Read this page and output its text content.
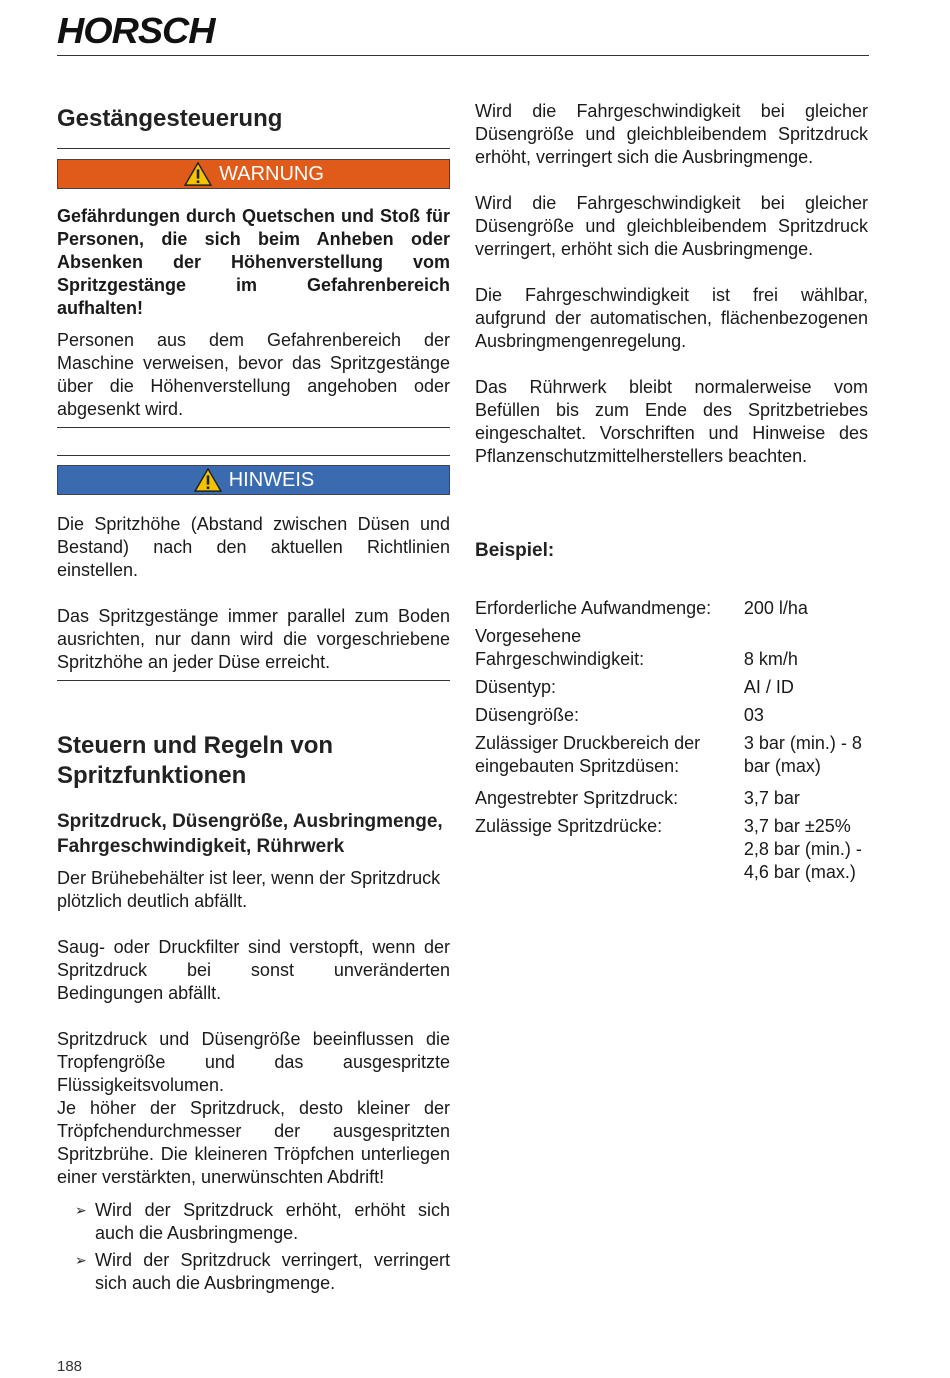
HORSCH
Gestängesteuerung
WARNUNG

Gefährdungen durch Quetschen und Stoß für Personen, die sich beim Anheben oder Absenken der Höhenverstellung vom Spritzgestänge im Gefahrenbereich aufhalten!

Personen aus dem Gefahrenbereich der Maschine verweisen, bevor das Spritzgestänge über die Höhenverstellung angehoben oder abgesenkt wird.

HINWEIS

Die Spritzhöhe (Abstand zwischen Düsen und Bestand) nach den aktuellen Richtlinien einstellen.

Das Spritzgestänge immer parallel zum Boden ausrichten, nur dann wird die vorgeschriebene Spritzhöhe an jeder Düse erreicht.

Steuern und Regeln von Spritzfunktionen
Spritzdruck, Düsengröße, Ausbringmenge, Fahrgeschwindigkeit, Rührwerk

Der Brühebehälter ist leer, wenn der Spritzdruck plötzlich deutlich abfällt.

Saug- oder Druckfilter sind verstopft, wenn der Spritzdruck bei sonst unveränderten Bedingungen abfällt.

Spritzdruck und Düsengröße beeinflussen die Tropfengröße und das ausgespritzte Flüssigkeitsvolumen.

Je höher der Spritzdruck, desto kleiner der Tröpfchendurchmesser der ausgespritzten Spritzbrühe. Die kleineren Tröpfchen unterliegen einer verstärkten, unerwünschten Abdrift!

➢ Wird der Spritzdruck erhöht, erhöht sich auch die Ausbringmenge.

➢ Wird der Spritzdruck verringert, verringert sich auch die Ausbringmenge.

Wird die Fahrgeschwindigkeit bei gleicher Düsengröße und gleichbleibendem Spritzdruck erhöht, verringert sich die Ausbringmenge.

Wird die Fahrgeschwindigkeit bei gleicher Düsengröße und gleichbleibendem Spritzdruck verringert, erhöht sich die Ausbringmenge.

Die Fahrgeschwindigkeit ist frei wählbar, aufgrund der automatischen, flächenbezogenen Ausbringmengenregelung.

Das Rührwerk bleibt normalerweise vom Befüllen bis zum Ende des Spritzbetriebes eingeschaltet. Vorschriften und Hinweise des Pflanzenschutzmittelherstellers beachten.

Beispiel:
Erforderliche Aufwandmenge:	200 l/ha

Vorgesehene Fahrgeschwindigkeit:	8 km/h

Düsentyp:	AI / ID

Düsengröße:	03

Zulässiger Druckbereich der eingebauten Spritzdüsen:	3 bar (min.) - 8 bar (max)

Angestrebter Spritzdruck:	3,7 bar

Zulässige Spritzdrücke:	3,7 bar ±25% 2,8 bar (min.) - 4,6 bar (max.)
188
